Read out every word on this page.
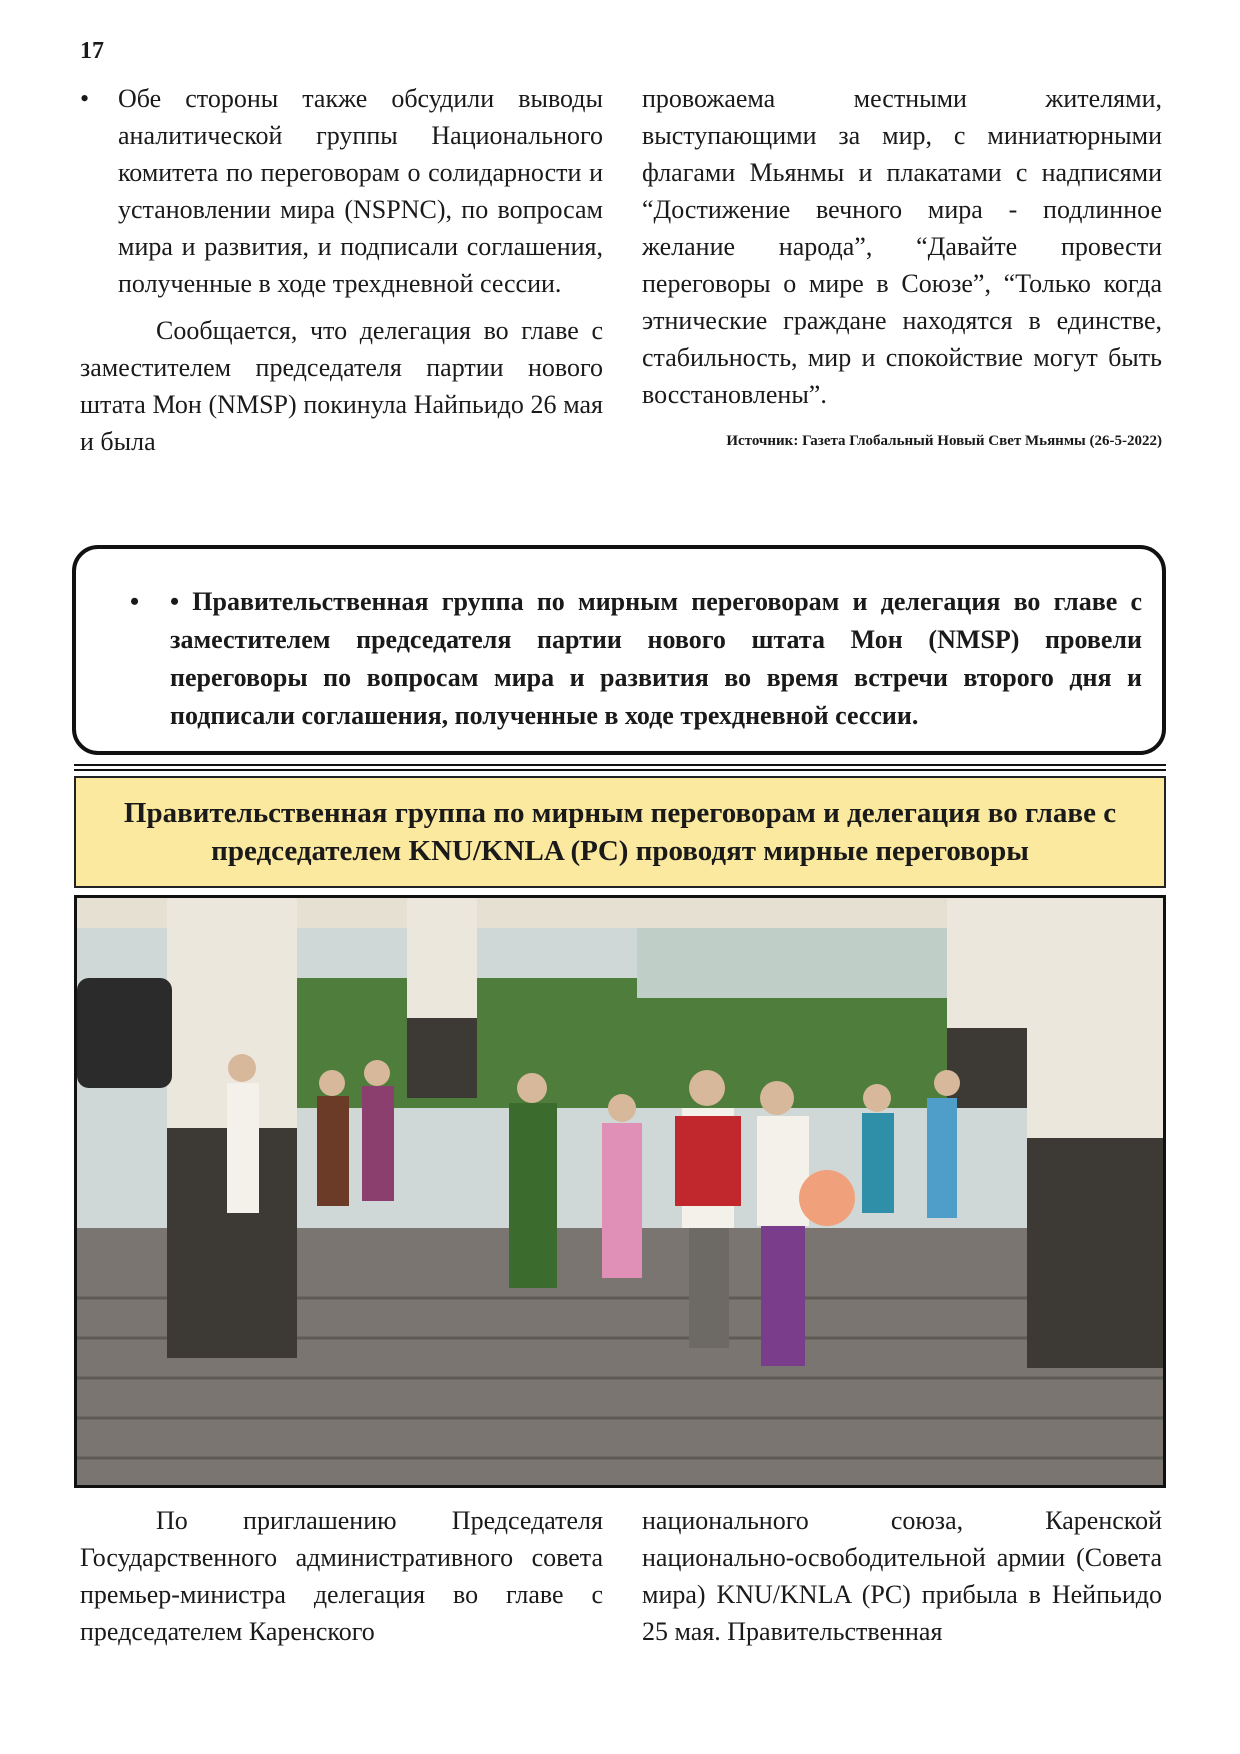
17

• Обе стороны также обсудили выводы аналитической группы Национального комитета по переговорам о солидарности и установлении мира (NSPNC), по вопросам мира и развития, и подписали соглашения, полученные в ходе трехдневной сессии.

Сообщается, что делегация во главе с заместителем председателя партии нового штата Мон (NMSP) покинула Найпьидо 26 мая и была

провожаема местными жителями, выступающими за мир, с миниатюрными флагами Мьянмы и плакатами с надписями “Достижение вечного мира - подлинное желание народа”, “Давайте провести переговоры о мире в Союзе”, “Только когда этнические граждане находятся в единстве, стабильность, мир и спокойствие могут быть восстановлены”.

Источник: Газета Глобальный Новый Свет Мьянмы (26-5-2022)

• • Правительственная группа по мирным переговорам и делегация во главе с заместителем председателя партии нового штата Мон (NMSP) провели переговоры по вопросам мира и развития во время встречи второго дня и подписали соглашения, полученные в ходе трехдневной сессии.
Правительственная группа по мирным переговорам и делегация во главе с председателем KNU/KNLA (PC) проводят мирные переговоры

По приглашению Председателя Государственного административного совета премьер-министра делегация во главе с председателем Каренского

национального союза, Каренской национально-освободительной армии (Совета мира) KNU/KNLA (PC) прибыла в Нейпьидо 25 мая. Правительственная
